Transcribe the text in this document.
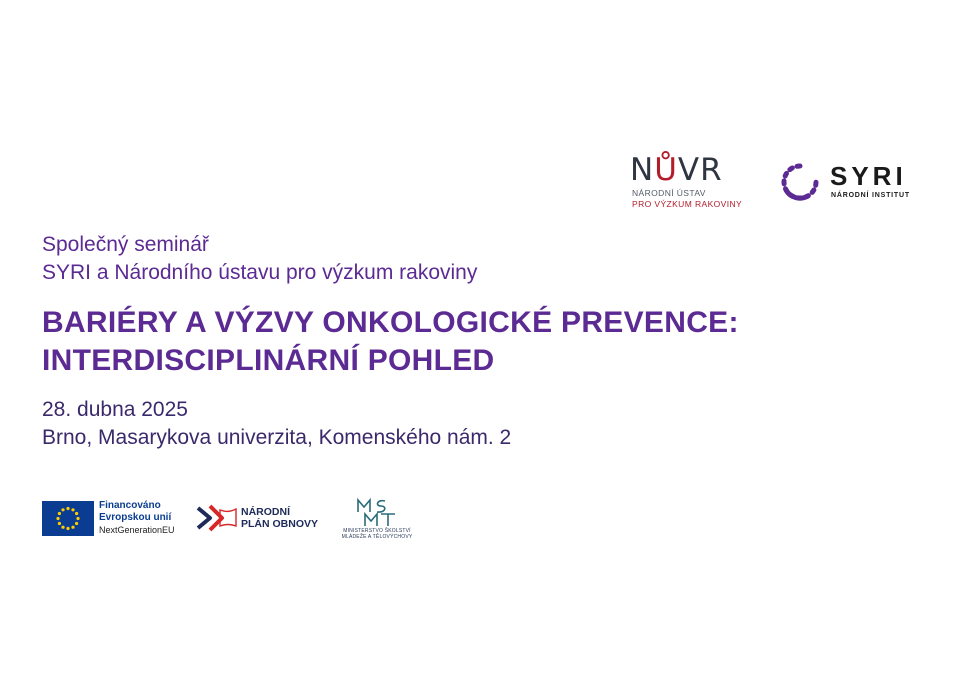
NŮVR
NÁRODNÍ ÚSTAV
PRO VÝZKUM RAKOVINY
SYRI
NÁRODNÍ INSTITUT
Společný seminář
SYRI a Národního ústavu pro výzkum rakoviny
BARIÉRY A VÝZVY ONKOLOGICKÉ PREVENCE:
INTERDISCIPLINÁRNÍ POHLED
28. dubna 2025
Brno, Masarykova univerzita, Komenského nám. 2
Financováno
Evropskou unií
NextGenerationEU
NÁRODNÍ
PLÁN OBNOVY
MINISTERSTVO ŠKOLSTVÍ
MLÁDEŽE A TĚLOVÝCHOVY
